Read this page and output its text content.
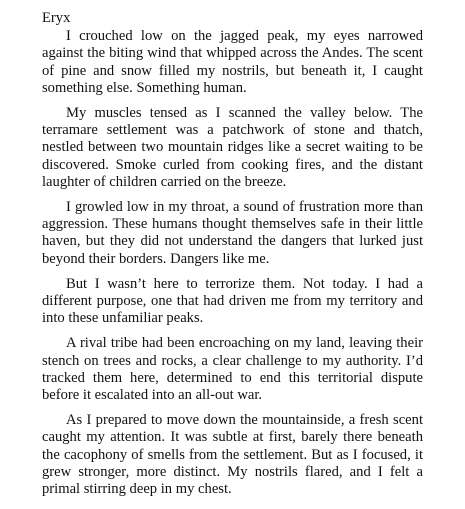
Eryx

I crouched low on the jagged peak, my eyes narrowed against the biting wind that whipped across the Andes. The scent of pine and snow filled my nostrils, but beneath it, I caught something else. Something human.

My muscles tensed as I scanned the valley below. The terramare settlement was a patchwork of stone and thatch, nestled between two mountain ridges like a secret waiting to be discovered. Smoke curled from cooking fires, and the distant laughter of children carried on the breeze.

I growled low in my throat, a sound of frustration more than aggression. These humans thought themselves safe in their little haven, but they did not understand the dangers that lurked just beyond their borders. Dangers like me.

But I wasn’t here to terrorize them. Not today. I had a different purpose, one that had driven me from my territory and into these unfamiliar peaks.

A rival tribe had been encroaching on my land, leaving their stench on trees and rocks, a clear challenge to my authority. I’d tracked them here, determined to end this territorial dispute before it escalated into an all-out war.

As I prepared to move down the mountainside, a fresh scent caught my attention. It was subtle at first, barely there beneath the cacophony of smells from the settlement. But as I focused, it grew stronger, more distinct. My nostrils flared, and I felt a primal stirring deep in my chest.
